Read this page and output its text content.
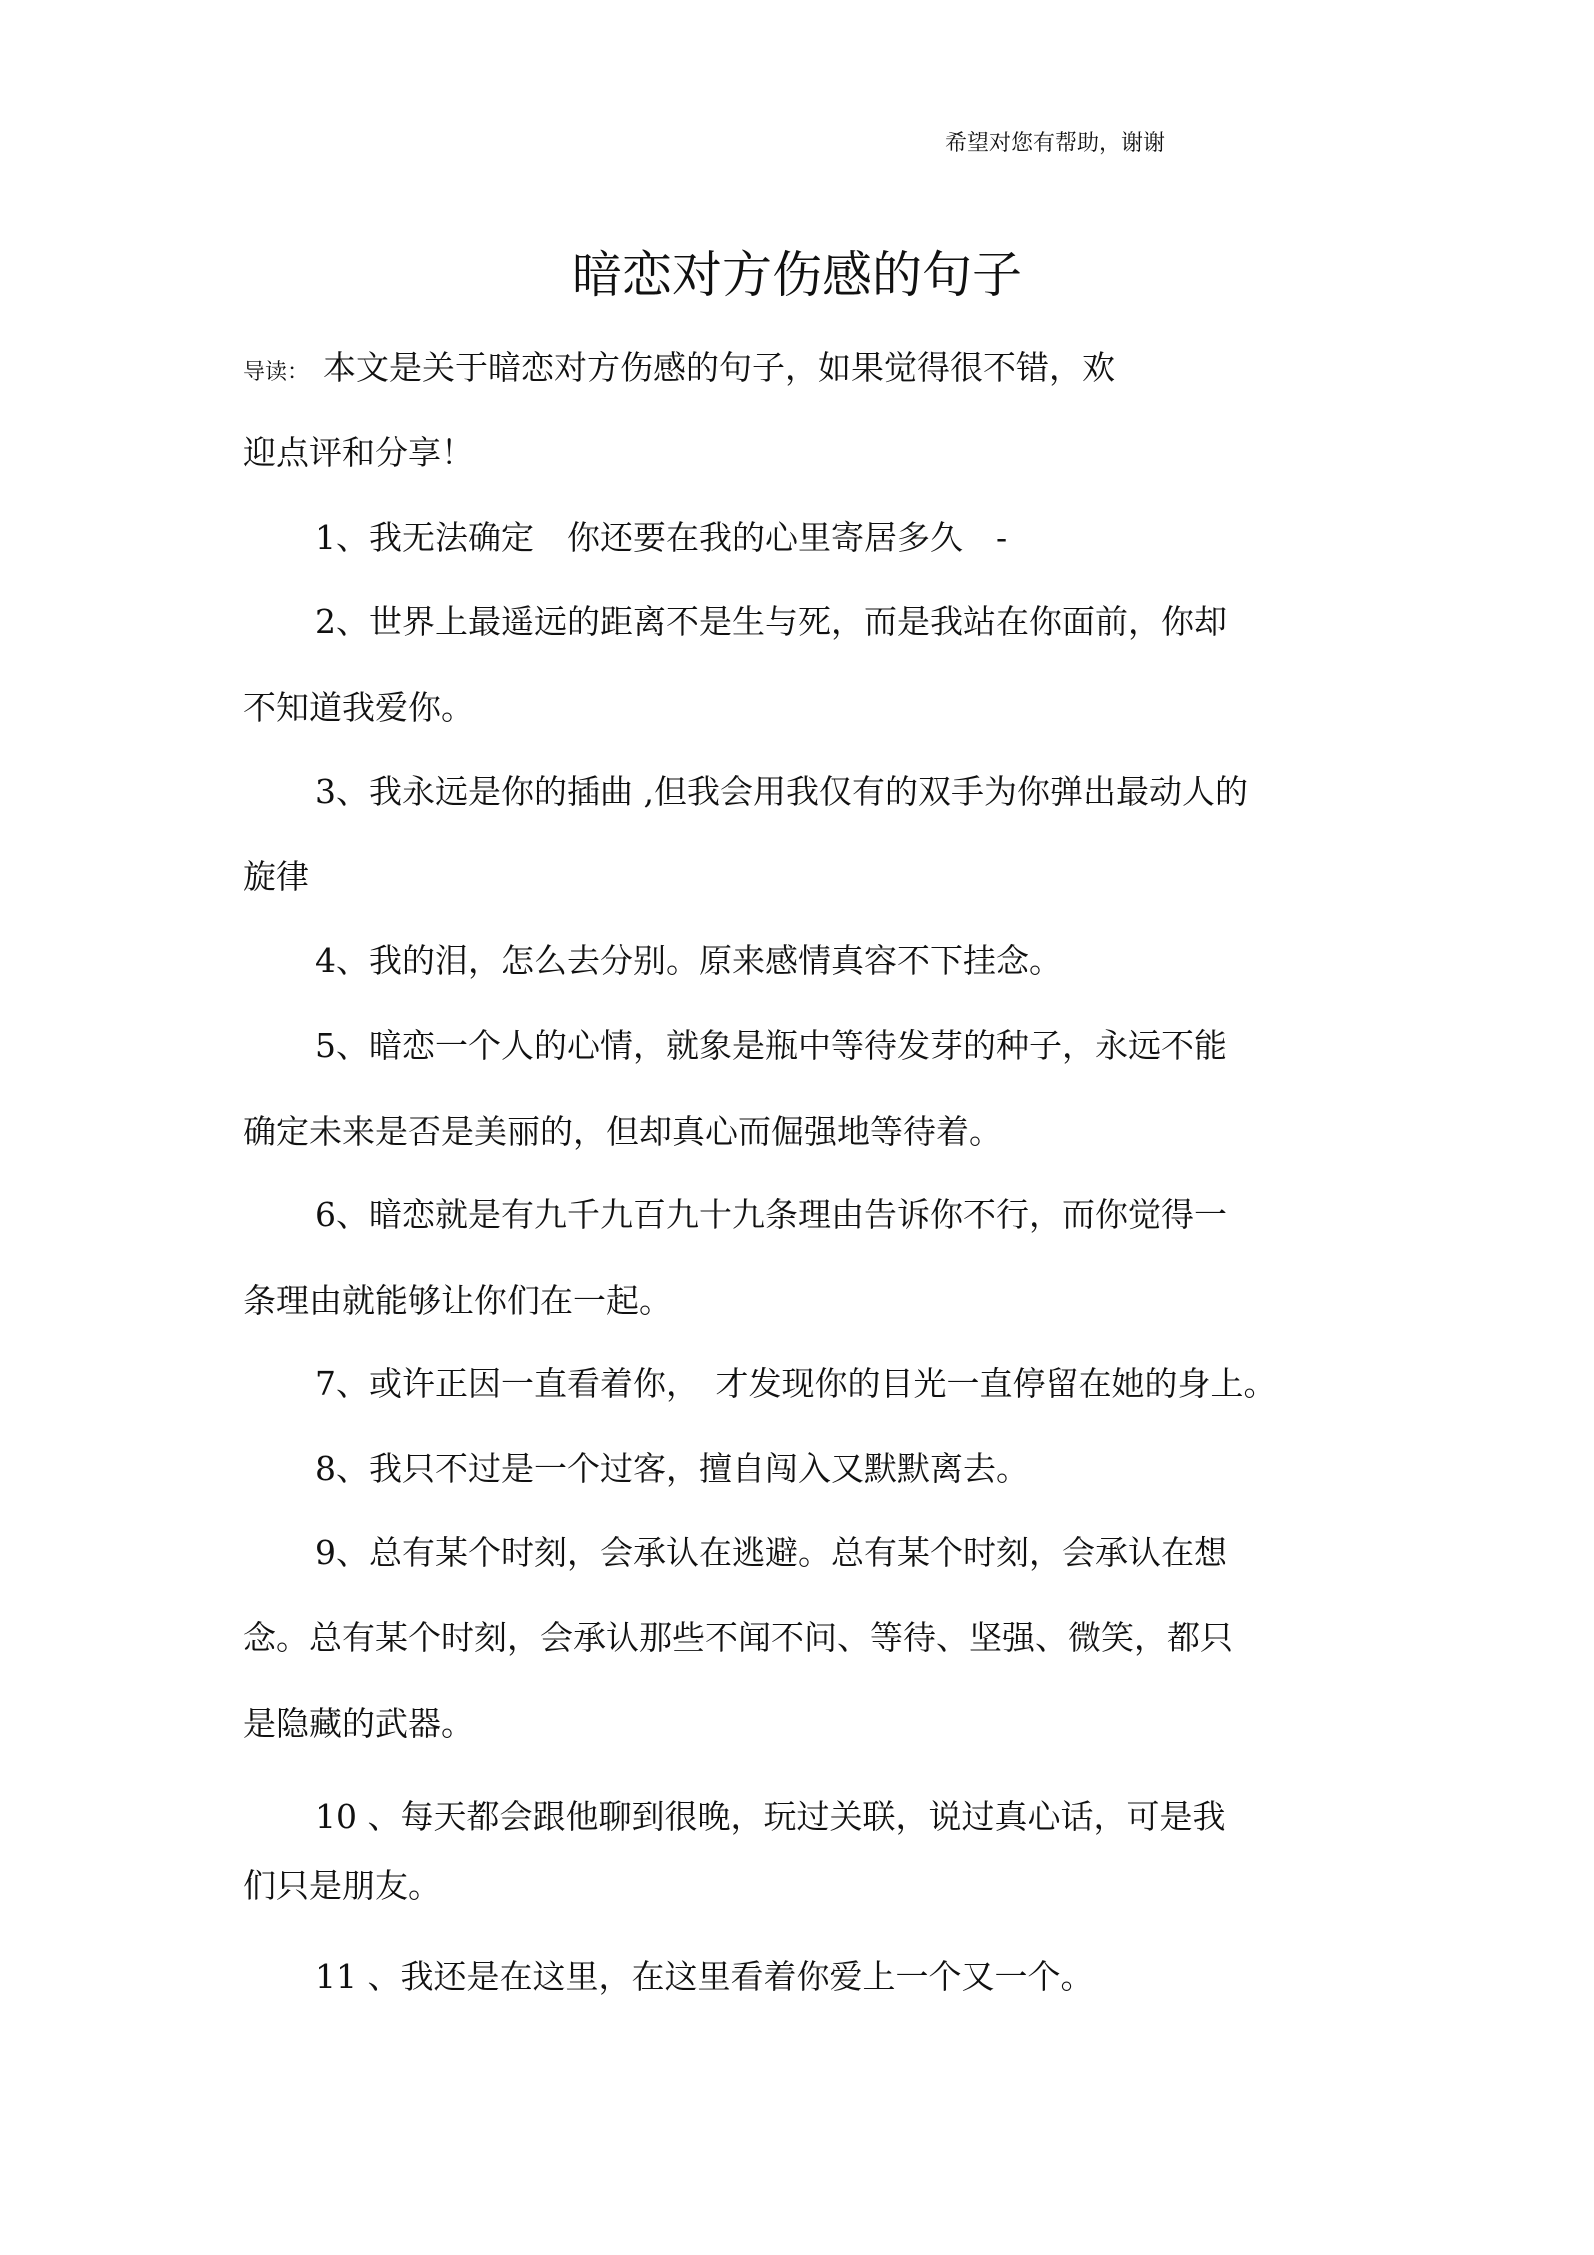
希望对您有帮助，谢谢
暗恋对方伤感的句子
导读： 本文是关于暗恋对方伤感的句子，如果觉得很不错，欢
迎点评和分享！
1、我无法确定　你还要在我的心里寄居多久　-
2、世界上最遥远的距离不是生与死，而是我站在你面前，你却
不知道我爱你。
3、我永远是你的插曲 ,但我会用我仅有的双手为你弹出最动人的
旋律
4、我的泪，怎么去分别。原来感情真容不下挂念。
5、暗恋一个人的心情，就象是瓶中等待发芽的种子，永远不能
确定未来是否是美丽的，但却真心而倔强地等待着。
6、暗恋就是有九千九百九十九条理由告诉你不行，而你觉得一
条理由就能够让你们在一起。
7、或许正因一直看着你，　才发现你的目光一直停留在她的身上。
8、我只不过是一个过客，擅自闯入又默默离去。
9、总有某个时刻，会承认在逃避。总有某个时刻，会承认在想
念。总有某个时刻，会承认那些不闻不问、等待、坚强、微笑，都只
是隐藏的武器。
10 、每天都会跟他聊到很晚，玩过关联，说过真心话，可是我
们只是朋友。
11 、我还是在这里，在这里看着你爱上一个又一个。
